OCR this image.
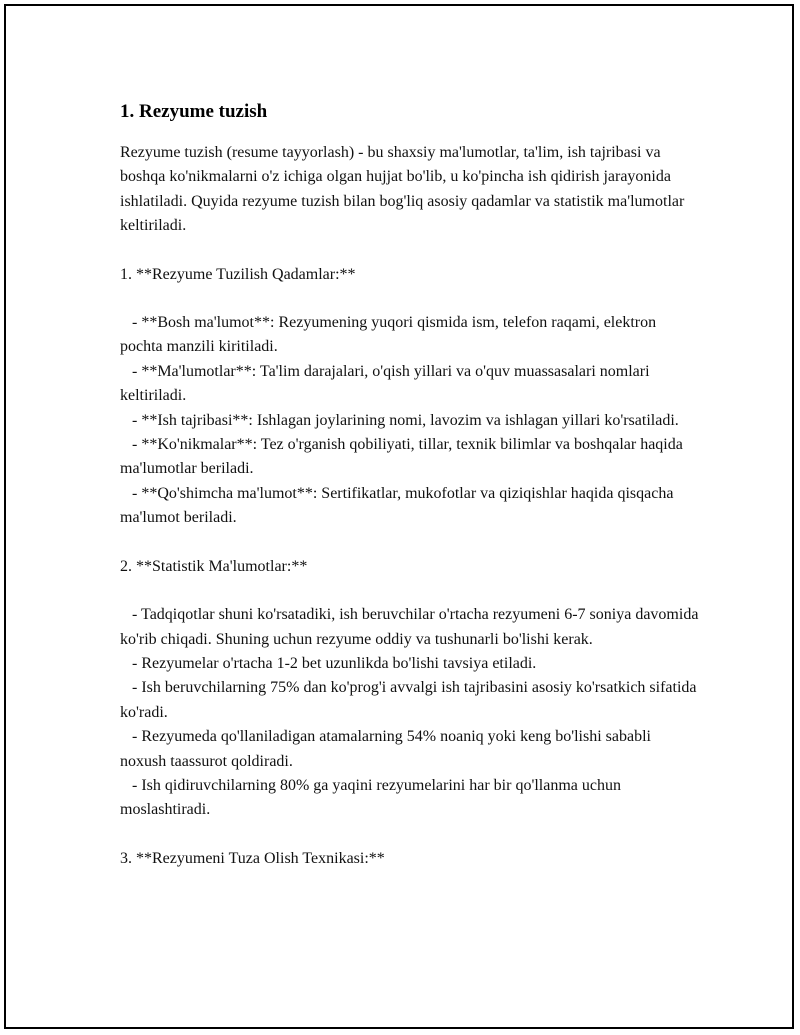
1. Rezyume tuzish

Rezyume tuzish (resume tayyorlash) - bu shaxsiy ma'lumotlar, ta'lim, ish tajribasi va boshqa ko'nikmalarni o'z ichiga olgan hujjat bo'lib, u ko'pincha ish qidirish jarayonida ishlatiladi. Quyida rezyume tuzish bilan bog'liq asosiy qadamlar va statistik ma'lumotlar keltiriladi.

1. **Rezyume Tuzilish Qadamlar:**

- **Bosh ma'lumot**: Rezyumening yuqori qismida ism, telefon raqami, elektron pochta manzili kiritiladi.

- **Ma'lumotlar**: Ta'lim darajalari, o'qish yillari va o'quv muassasalari nomlari keltiriladi.

- **Ish tajribasi**: Ishlagan joylarining nomi, lavozim va ishlagan yillari ko'rsatiladi.

- **Ko'nikmalar**: Tez o'rganish qobiliyati, tillar, texnik bilimlar va boshqalar haqida ma'lumotlar beriladi.

- **Qo'shimcha ma'lumot**: Sertifikatlar, mukofotlar va qiziqishlar haqida qisqacha ma'lumot beriladi.

2. **Statistik Ma'lumotlar:**

- Tadqiqotlar shuni ko'rsatadiki, ish beruvchilar o'rtacha rezyumeni 6-7 soniya davomida ko'rib chiqadi. Shuning uchun rezyume oddiy va tushunarli bo'lishi kerak.

- Rezyumelar o'rtacha 1-2 bet uzunlikda bo'lishi tavsiya etiladi.

- Ish beruvchilarning 75% dan ko'prog'i avvalgi ish tajribasini asosiy ko'rsatkich sifatida ko'radi.

- Rezyumeda qo'llaniladigan atamalarning 54% noaniq yoki keng bo'lishi sababli noxush taassurot qoldiradi.

- Ish qidiruvchilarning 80% ga yaqini rezyumelarini har bir qo'llanma uchun moslashtiradi.

3. **Rezyumeni Tuza Olish Texnikasi:**
